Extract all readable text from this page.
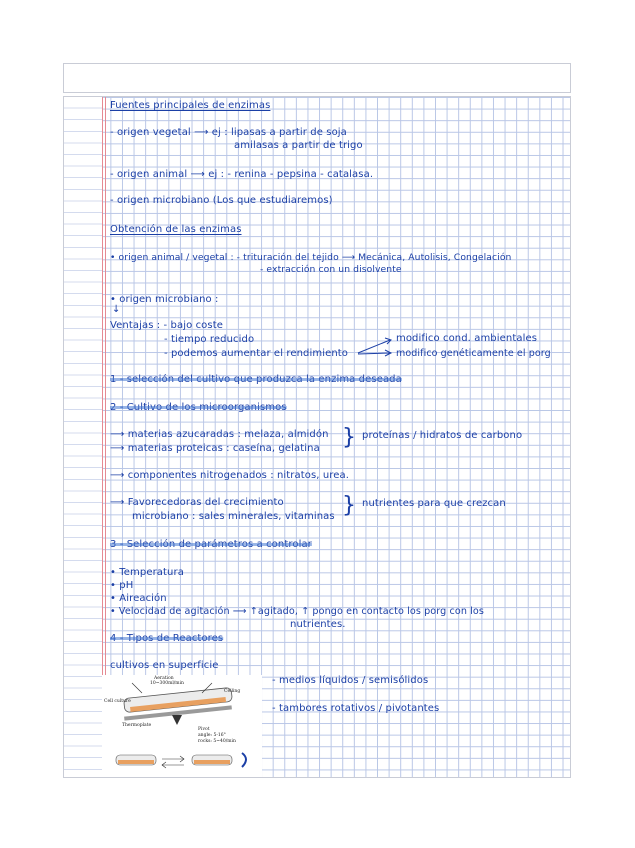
Fuentes principales de enzimas
- origen vegetal ⟶ ej : lipasas a partir de soja
amilasas a partir de trigo
- origen animal ⟶ ej : - renina - pepsina - catalasa.
- origen microbiano (Los que estudiaremos)
Obtención de las enzimas
• origen animal / vegetal : - trituración del tejido ⟶ Mecánica, Autolisis, Congelación
- extracción con un disolvente
• origen microbiano :
↓
Ventajas : - bajo coste
- tiempo reducido
- podemos aumentar el rendimiento
modifico cond. ambientales
modifico genéticamente el porg
1 - selección del cultivo que produzca la enzima deseada
2 - Cultivo de los microorganismos
⟶ materias azucaradas : melaza, almidón
⟶ materias proteicas : caseína, gelatina } proteínas / hidratos de carbono
⟶ componentes nitrogenados : nitratos, urea.
⟶ Favorecedoras del crecimiento
microbiano : sales minerales, vitaminas } nutrientes para que crezcan
3 - Selección de parámetros a controlar
• Temperatura
• pH
• Aireación
• Velocidad de agitación ⟶ ↑agitado, ↑ pongo en contacto los porg con los
nutrientes.
4 - Tipos de Reactores
cultivos en superficie
- medios líquidos / semisólidos
- tambores rotativos / pivotantes
Aeration
10~300ml/min
Cell culture
Ceiling
Thermoplate
Pivot
angle: 5-16°
rocks: 5~40/min
